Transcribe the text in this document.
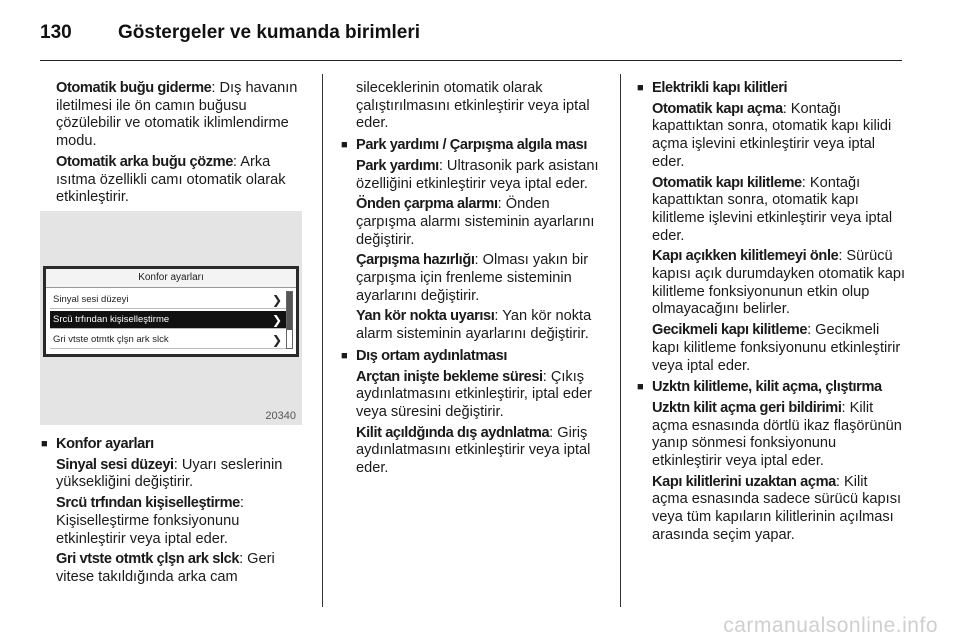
130 Göstergeler ve kumanda birimleri

Otomatik buğu giderme: Dış havanın iletilmesi ile ön camın buğusu çözülebilir ve otomatik iklimlendirme modu.

Otomatik arka buğu çözme: Arka ısıtma özellikli camı otomatik olarak etkinleştirir.

Konfor ayarları
Sinyal sesi düzeyi	❯
Srcü trfından kişiselleştirme	❯
Gri vtste otmtk çlşn ark slck	❯
20340

■ Konfor ayarları

Sinyal sesi düzeyi: Uyarı seslerinin yüksekliğini değiştirir.

Srcü trfından kişiselleştirme: Kişiselleştirme fonksiyonunu etkinleştirir veya iptal eder.

Gri vtste otmtk çlşn ark slck: Geri vitese takıldığında arka cam

sileceklerinin otomatik olarak çalıştırılmasını etkinleştirir veya iptal eder.

■ Park yardımı / Çarpışma algıla ması

Park yardımı: Ultrasonik park asistanı özelliğini etkinleştirir veya iptal eder.

Önden çarpma alarmı: Önden çarpışma alarmı sisteminin ayarlarını değiştirir.

Çarpışma hazırlığı: Olması yakın bir çarpışma için frenleme sisteminin ayarlarını değiştirir.

Yan kör nokta uyarısı: Yan kör nokta alarm sisteminin ayarlarını değiştirir.

■ Dış ortam aydınlatması

Arçtan inişte bekleme süresi: Çıkış aydınlatmasını etkinleştirir, iptal eder veya süresini değiştirir.

Kilit açıldğında dış aydnlatma: Giriş aydınlatmasını etkinleştirir veya iptal eder.

■ Elektrikli kapı kilitleri

Otomatik kapı açma: Kontağı kapattıktan sonra, otomatik kapı kilidi açma işlevini etkinleştirir veya iptal eder.

Otomatik kapı kilitleme: Kontağı kapattıktan sonra, otomatik kapı kilitleme işlevini etkinleştirir veya iptal eder.

Kapı açıkken kilitlemeyi önle: Sürücü kapısı açık durumdayken otomatik kapı kilitleme fonksiyonunun etkin olup olmayacağını belirler.

Gecikmeli kapı kilitleme: Gecikmeli kapı kilitleme fonksiyonunu etkinleştirir veya iptal eder.

■ Uzktn kilitleme, kilit açma, çlıştırma

Uzktn kilit açma geri bildirimi: Kilit açma esnasında dörtlü ikaz flaşörünün yanıp sönmesi fonksiyonunu etkinleştirir veya iptal eder.

Kapı kilitlerini uzaktan açma: Kilit açma esnasında sadece sürücü kapısı veya tüm kapıların kilitlerinin açılması arasında seçim yapar.

carmanualsonline.info
